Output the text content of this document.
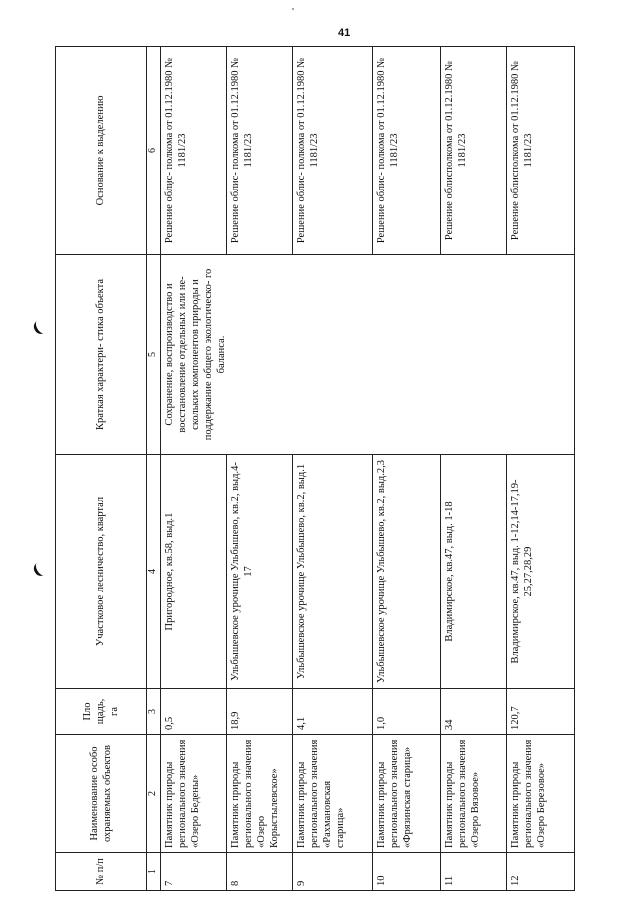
41
№ п/п	Наименование особо охраняемых объектов	Пло щадь, га	Участковое лесничество, квартал	Краткая характери- стика объекта	Основание к выделению
1	2	3	4	5	6
7	Памятник природы регионального значения «Озеро Бедены»	0,5	Пригородное, кв.58, выд.1	Сохранение, воспроизводство и восстановление отдельных или не- скольких компонентов природы и поддержание общего экологическо- го баланса.	Решение облис- полкома от 01.12.1980 № 1181/23
8	Памятник природы регионального значения «Озеро Корыстылевское»	18,9	Ульбышевское урочище Ульбышево, кв.2, выд.4-17		Решение облис- полкома от 01.12.1980 № 1181/23
9	Памятник природы регионального значения «Рахмановская старица»	4,1	Ульбышевское урочище Ульбышево, кв.2, выд.1		Решение облис- полкома от 01.12.1980 № 1181/23
10	Памятник природы регионального значения «Фрязинская старица»	1,0	Ульбышевское урочище Ульбышево, кв.2, выд.2,3		Решение облис- полкома от 01.12.1980 № 1181/23
11	Памятник природы регионального значения «Озеро Вязовое»	34	Владимирское, кв.47, выд. 1-18		Решение облисполкома от 01.12.1980 № 1181/23
12	Памятник природы регионального значения «Озеро Березовое»	120,7	Владимирское, кв.47, выд. 1-12,14-17,19-25,27,28,29		Решение облисполкома от 01.12.1980 № 1181/23
